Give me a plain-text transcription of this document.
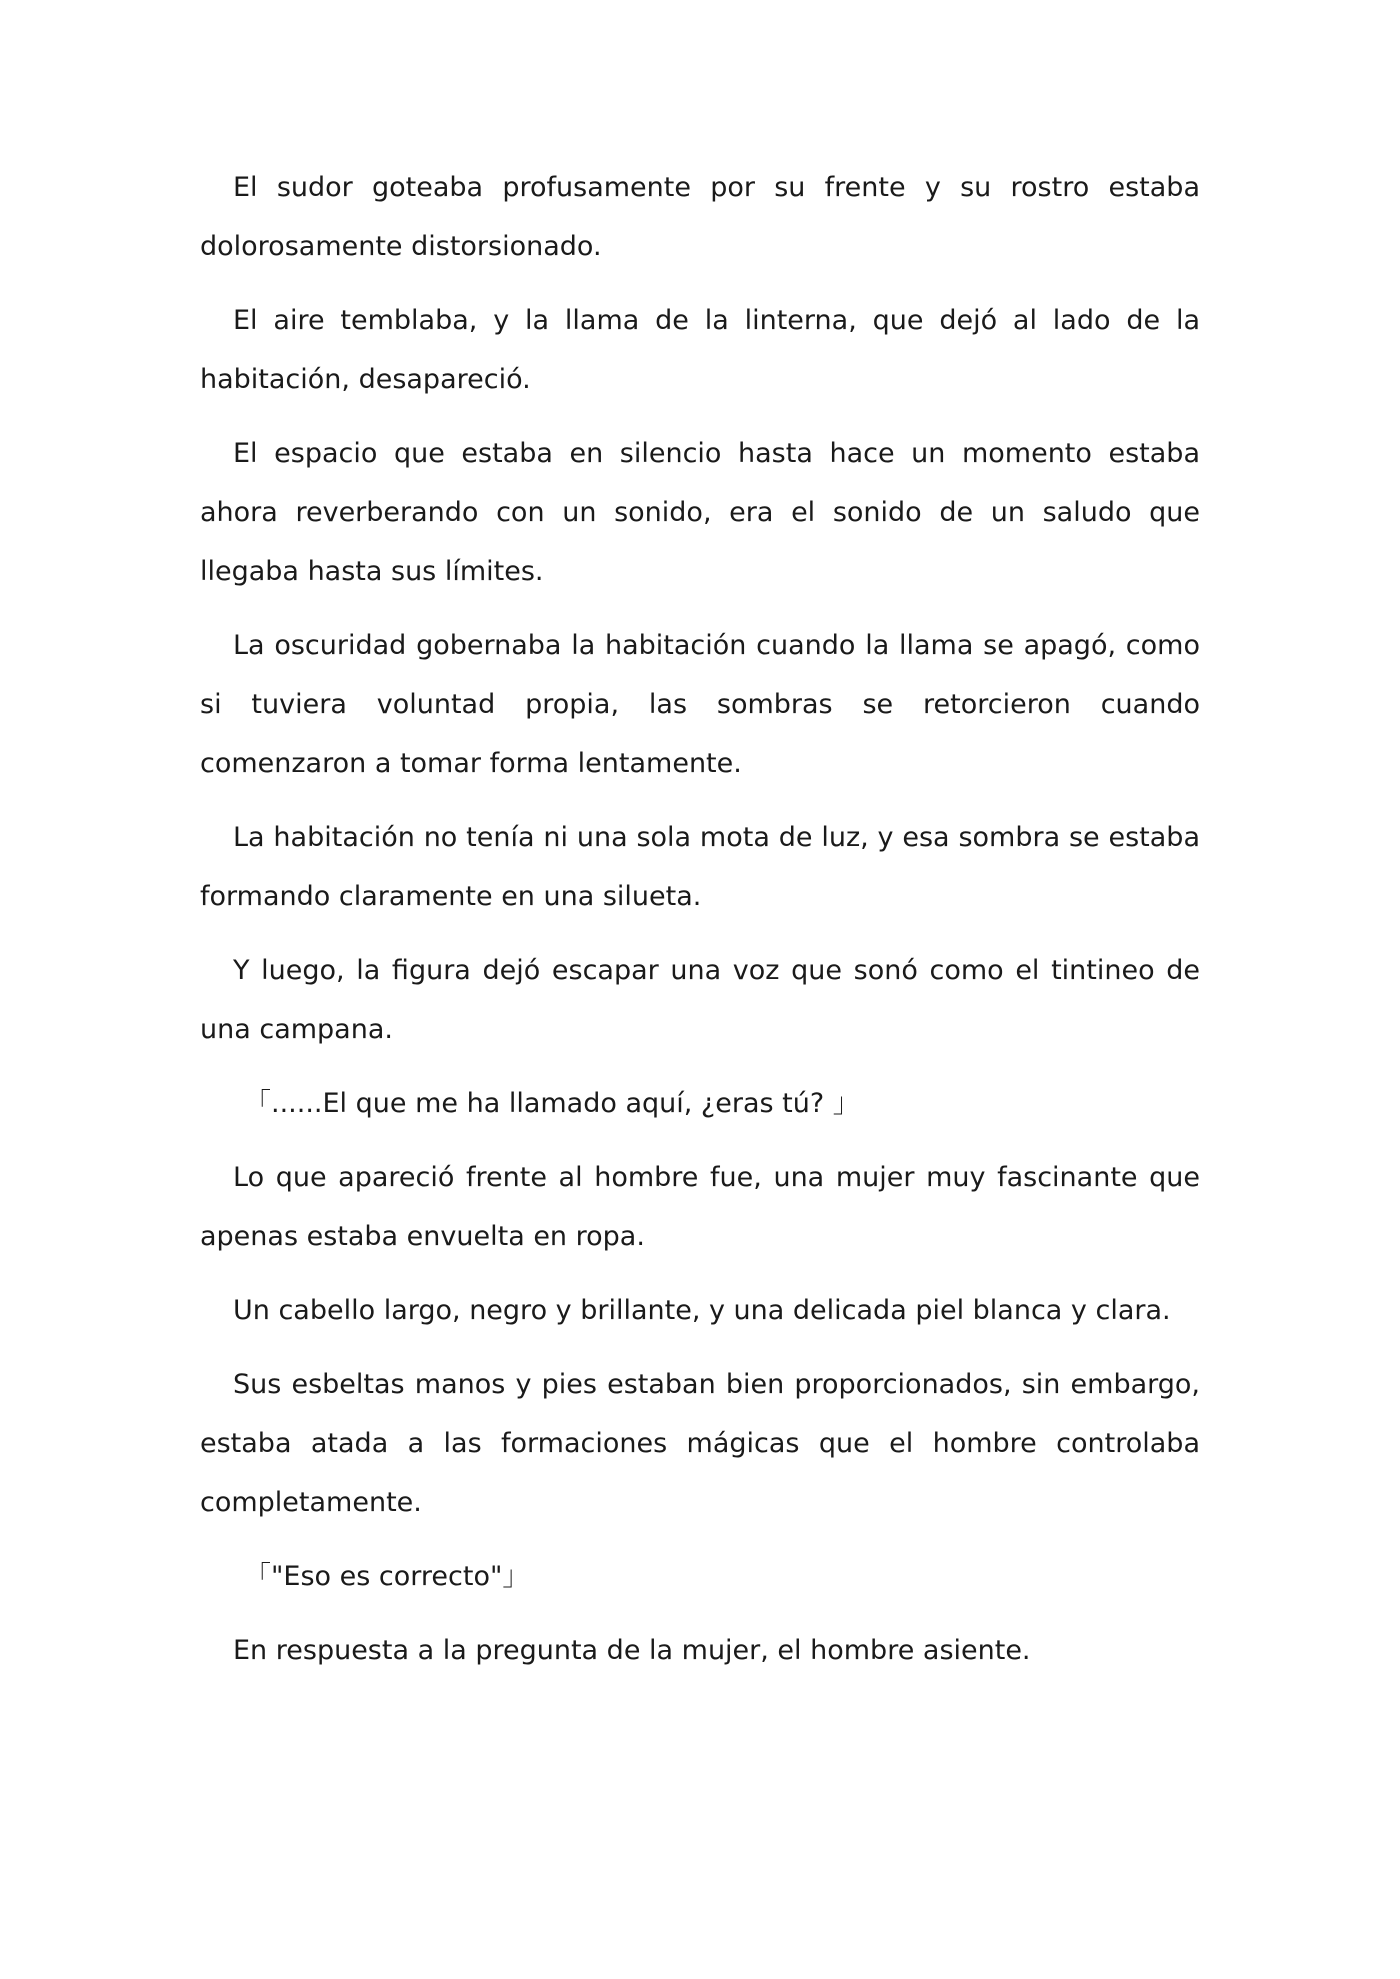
El sudor goteaba profusamente por su frente y su rostro estaba dolorosamente distorsionado.

El aire temblaba, y la llama de la linterna, que dejó al lado de la habitación, desapareció.

El espacio que estaba en silencio hasta hace un momento estaba ahora reverberando con un sonido, era el sonido de un saludo que llegaba hasta sus límites.

La oscuridad gobernaba la habitación cuando la llama se apagó, como si tuviera voluntad propia, las sombras se retorcieron cuando comenzaron a tomar forma lentamente.

La habitación no tenía ni una sola mota de luz, y esa sombra se estaba formando claramente en una silueta.

Y luego, la figura dejó escapar una voz que sonó como el tintineo de una campana.

「......El que me ha llamado aquí, ¿eras tú? 」

Lo que apareció frente al hombre fue, una mujer muy fascinante que apenas estaba envuelta en ropa.

Un cabello largo, negro y brillante, y una delicada piel blanca y clara.

Sus esbeltas manos y pies estaban bien proporcionados, sin embargo, estaba atada a las formaciones mágicas que el hombre controlaba completamente.

「"Eso es correcto"」

En respuesta a la pregunta de la mujer, el hombre asiente.
